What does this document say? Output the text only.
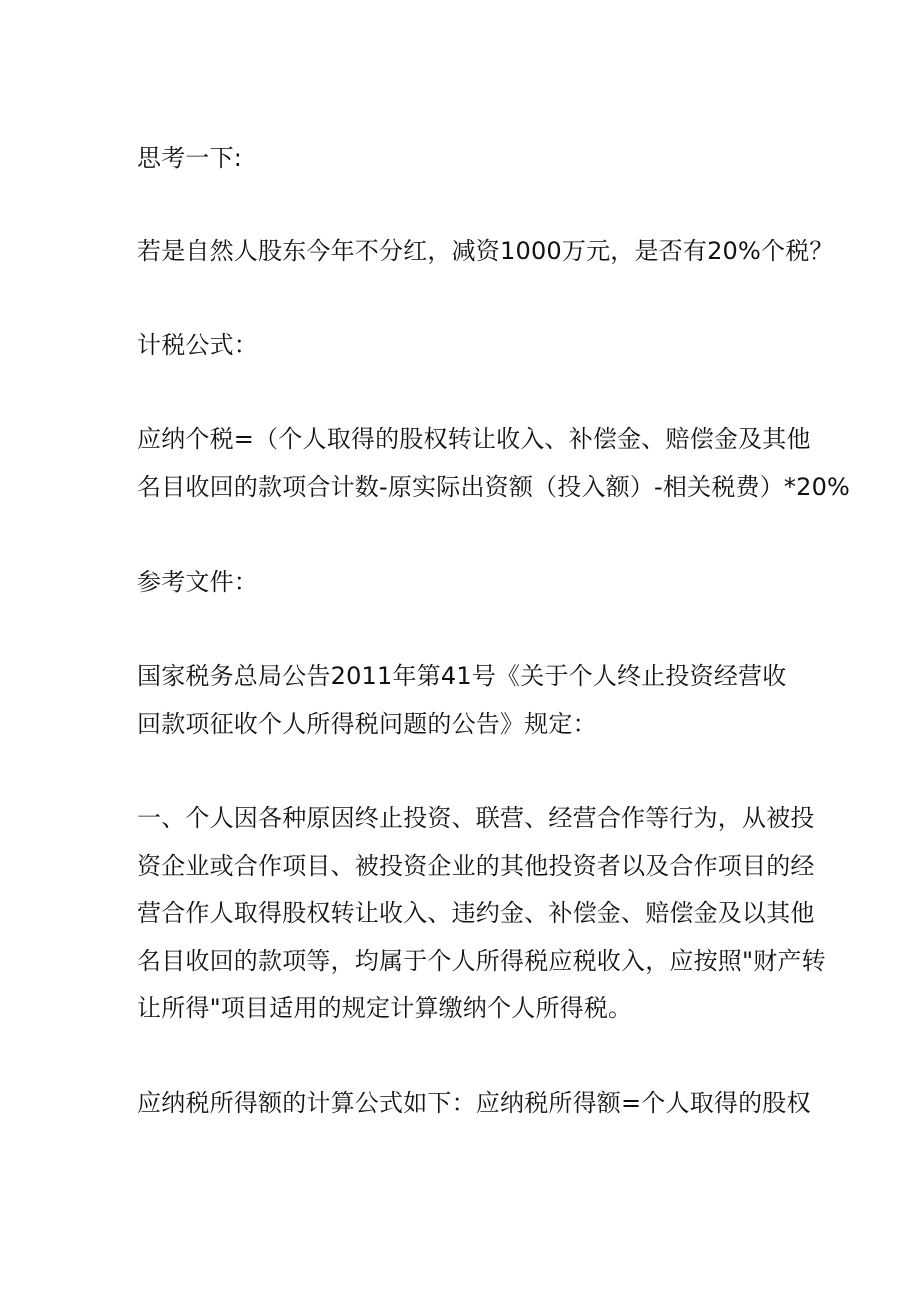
思考一下:
若是自然人股东今年不分红，减资1000万元，是否有20%个税？
计税公式：
应纳个税=（个人取得的股权转让收入、补偿金、赔偿金及其他
名目收回的款项合计数-原实际出资额（投入额）-相关税费）*20%
参考文件：
国家税务总局公告2011年第41号《关于个人终止投资经营收
回款项征收个人所得税问题的公告》规定：
一、个人因各种原因终止投资、联营、经营合作等行为，从被投
资企业或合作项目、被投资企业的其他投资者以及合作项目的经
营合作人取得股权转让收入、违约金、补偿金、赔偿金及以其他
名目收回的款项等，均属于个人所得税应税收入，应按照"财产转
让所得"项目适用的规定计算缴纳个人所得税。
应纳税所得额的计算公式如下：应纳税所得额=个人取得的股权
